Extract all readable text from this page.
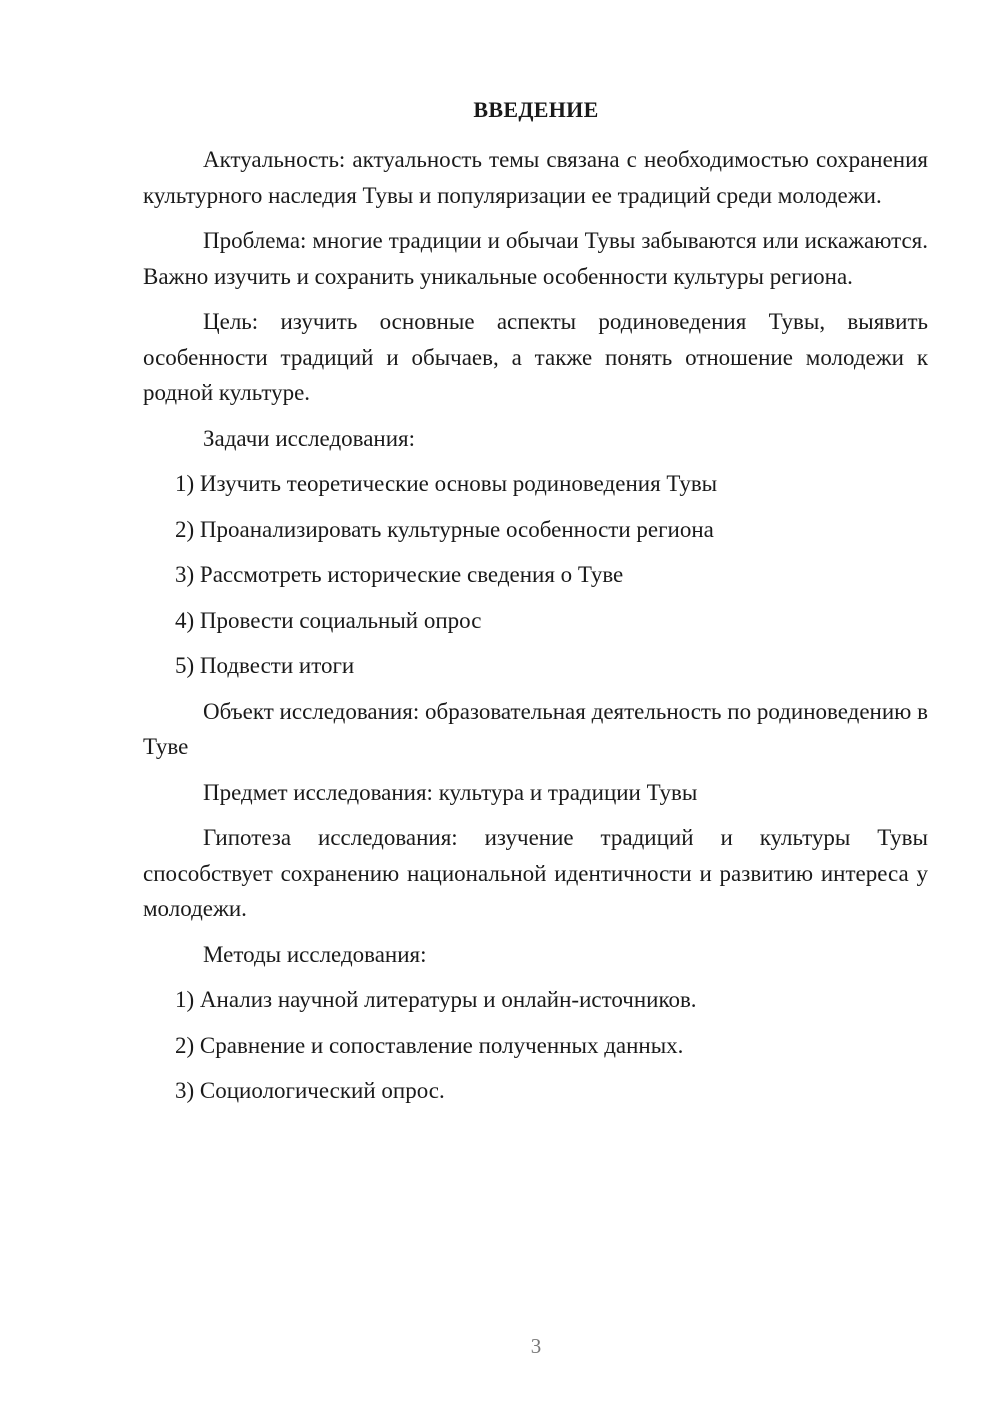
ВВЕДЕНИЕ

Актуальность: актуальность темы связана с необходимостью сохранения культурного наследия Тувы и популяризации ее традиций среди молодежи.

Проблема: многие традиции и обычаи Тувы забываются или искажаются. Важно изучить и сохранить уникальные особенности культуры региона.

Цель: изучить основные аспекты родиноведения Тувы, выявить особенности традиций и обычаев, а также понять отношение молодежи к родной культуре.

Задачи исследования:

1) Изучить теоретические основы родиноведения Тувы

2) Проанализировать культурные особенности региона

3) Рассмотреть исторические сведения о Туве

4) Провести социальный опрос

5) Подвести итоги

Объект исследования: образовательная деятельность по родиноведению в Туве

Предмет исследования: культура и традиции Тувы

Гипотеза исследования: изучение традиций и культуры Тувы способствует сохранению национальной идентичности и развитию интереса у молодежи.

Методы исследования:

1) Анализ научной литературы и онлайн-источников.

2) Сравнение и сопоставление полученных данных.

3) Социологический опрос.

3
